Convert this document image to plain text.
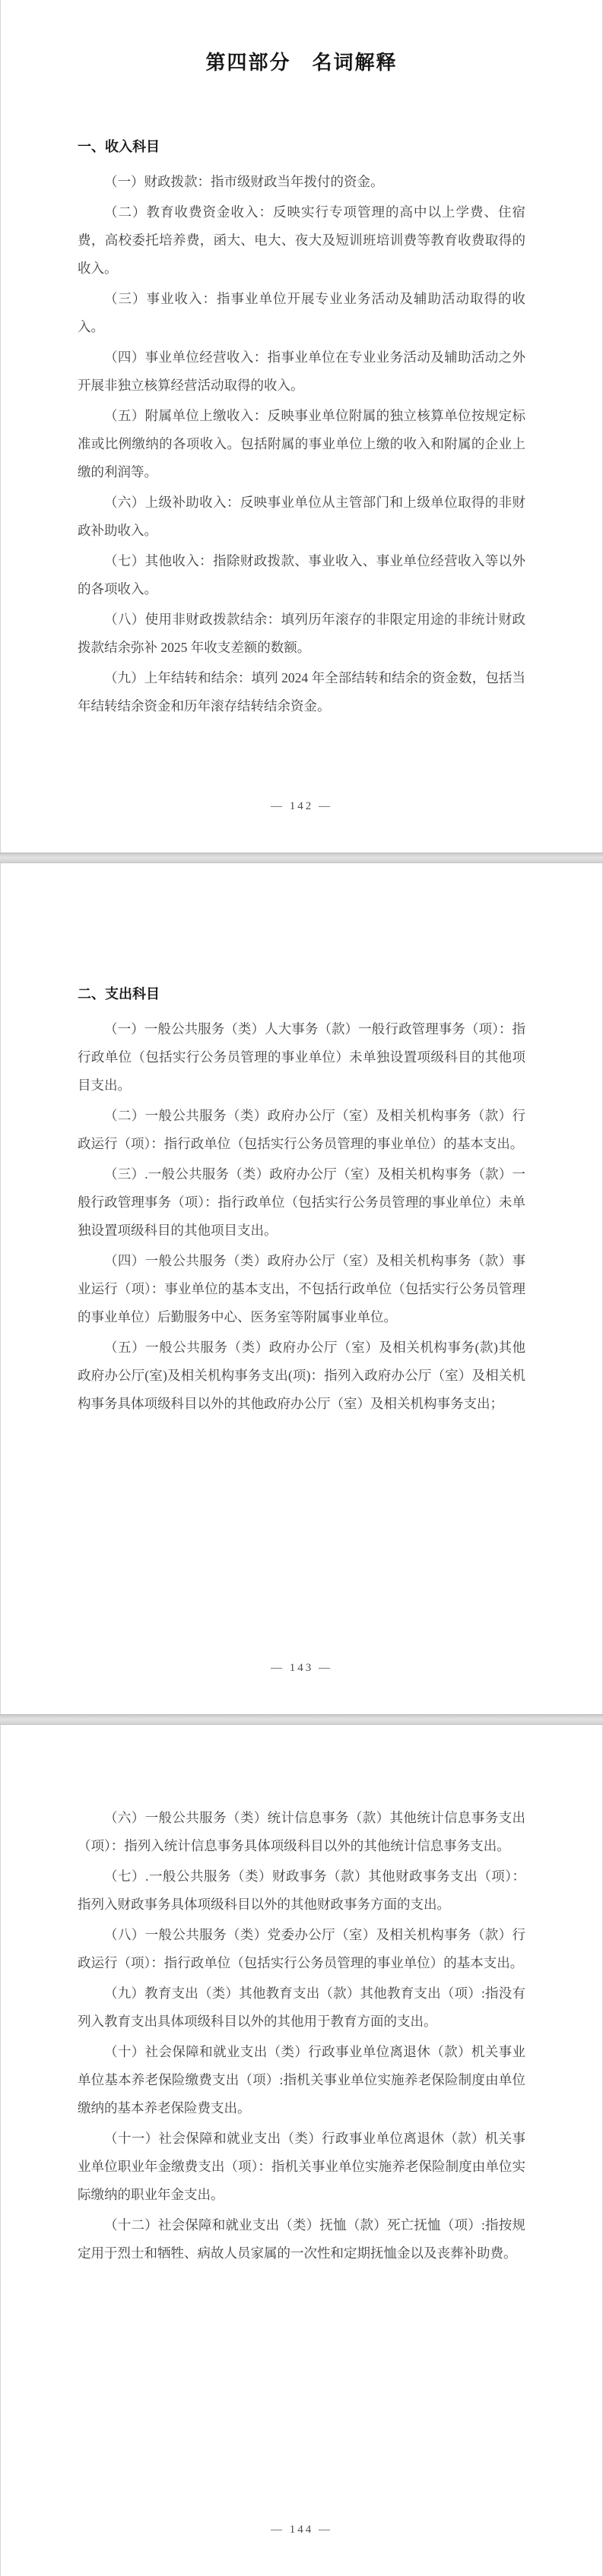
第四部分　名词解释
一、收入科目

（一）财政拨款：指市级财政当年拨付的资金。

（二）教育收费资金收入：反映实行专项管理的高中以上学费、住宿费，高校委托培养费，函大、电大、夜大及短训班培训费等教育收费取得的收入。

（三）事业收入：指事业单位开展专业业务活动及辅助活动取得的收入。

（四）事业单位经营收入：指事业单位在专业业务活动及辅助活动之外开展非独立核算经营活动取得的收入。

（五）附属单位上缴收入：反映事业单位附属的独立核算单位按规定标准或比例缴纳的各项收入。包括附属的事业单位上缴的收入和附属的企业上缴的利润等。

（六）上级补助收入：反映事业单位从主管部门和上级单位取得的非财政补助收入。

（七）其他收入：指除财政拨款、事业收入、事业单位经营收入等以外的各项收入。

（八）使用非财政拨款结余：填列历年滚存的非限定用途的非统计财政拨款结余弥补 2025 年收支差额的数额。

（九）上年结转和结余：填列 2024 年全部结转和结余的资金数，包括当年结转结余资金和历年滚存结转结余资金。

— 142 —
二、支出科目

（一）一般公共服务（类）人大事务（款）一般行政管理事务（项）：指行政单位（包括实行公务员管理的事业单位）未单独设置项级科目的其他项目支出。

（二）一般公共服务（类）政府办公厅（室）及相关机构事务（款）行政运行（项）：指行政单位（包括实行公务员管理的事业单位）的基本支出。

（三）.一般公共服务（类）政府办公厅（室）及相关机构事务（款）一般行政管理事务（项）：指行政单位（包括实行公务员管理的事业单位）未单独设置项级科目的其他项目支出。

（四）一般公共服务（类）政府办公厅（室）及相关机构事务（款）事业运行（项）：事业单位的基本支出，不包括行政单位（包括实行公务员管理的事业单位）后勤服务中心、医务室等附属事业单位。

（五）一般公共服务（类）政府办公厅（室）及相关机构事务(款)其他政府办公厅(室)及相关机构事务支出(项)：指列入政府办公厅（室）及相关机构事务具体项级科目以外的其他政府办公厅（室）及相关机构事务支出；

— 143 —

（六）一般公共服务（类）统计信息事务（款）其他统计信息事务支出（项）：指列入统计信息事务具体项级科目以外的其他统计信息事务支出。

（七）.一般公共服务（类）财政事务（款）其他财政事务支出（项）：指列入财政事务具体项级科目以外的其他财政事务方面的支出。

（八）一般公共服务（类）党委办公厅（室）及相关机构事务（款）行政运行（项）：指行政单位（包括实行公务员管理的事业单位）的基本支出。

（九）教育支出（类）其他教育支出（款）其他教育支出（项）:指没有列入教育支出具体项级科目以外的其他用于教育方面的支出。

（十）社会保障和就业支出（类）行政事业单位离退休（款）机关事业单位基本养老保险缴费支出（项）:指机关事业单位实施养老保险制度由单位缴纳的基本养老保险费支出。

（十一）社会保障和就业支出（类）行政事业单位离退休（款）机关事业单位职业年金缴费支出（项）：指机关事业单位实施养老保险制度由单位实际缴纳的职业年金支出。

（十二）社会保障和就业支出（类）抚恤（款）死亡抚恤（项）:指按规定用于烈士和牺牲、病故人员家属的一次性和定期抚恤金以及丧葬补助费。

— 144 —
